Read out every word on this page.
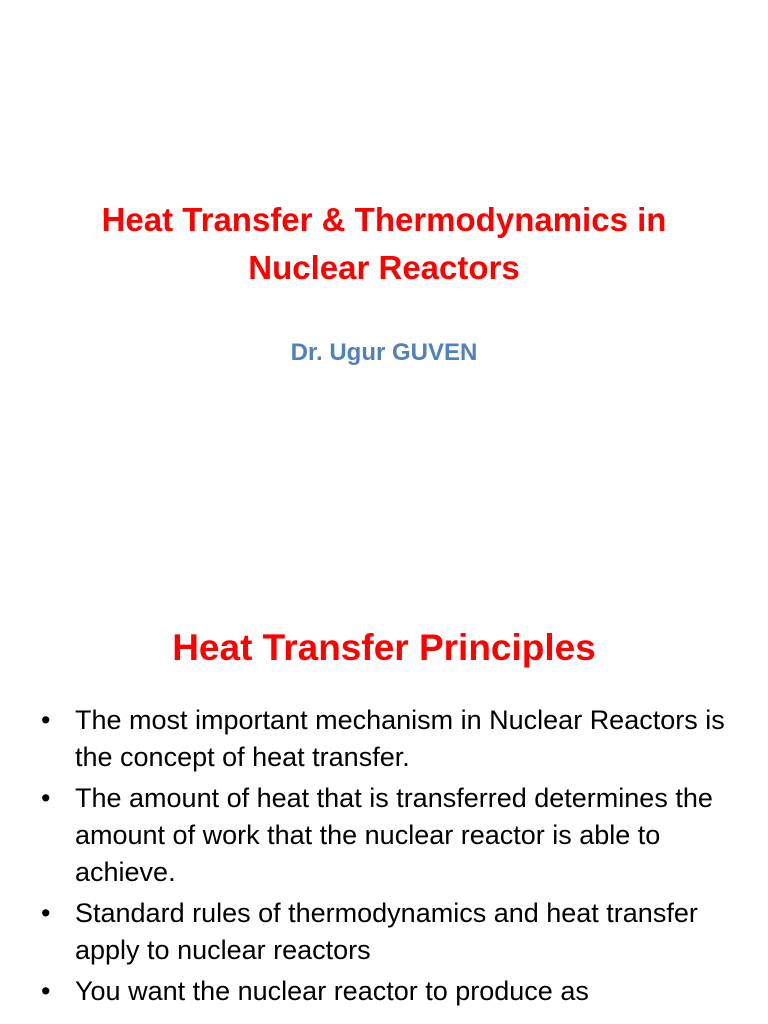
Heat Transfer & Thermodynamics in Nuclear Reactors
Dr. Ugur GUVEN
Heat Transfer Principles
• The most important mechanism in Nuclear Reactors is the concept of heat transfer.
• The amount of heat that is transferred determines the amount of work that the nuclear reactor is able to achieve.
• Standard rules of thermodynamics and heat transfer apply to nuclear reactors
• You want the nuclear reactor to produce as
